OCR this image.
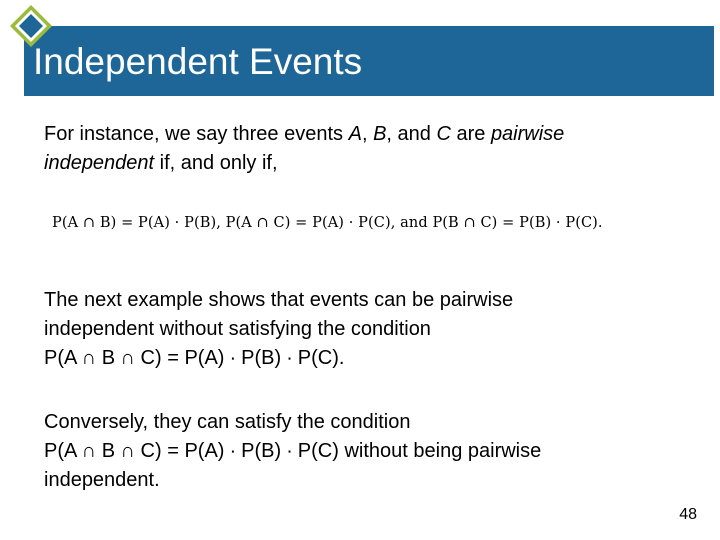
Independent Events
For instance, we say three events A, B, and C are pairwise
independent if, and only if,
P(A ∩ B) = P(A) · P(B), P(A ∩ C) = P(A) · P(C), and P(B ∩ C) = P(B) · P(C).
The next example shows that events can be pairwise
independent without satisfying the condition
P(A ∩ B ∩ C) = P(A) ∙ P(B) ∙ P(C).
Conversely, they can satisfy the condition
P(A ∩ B ∩ C) = P(A) ∙ P(B) ∙ P(C) without being pairwise
independent.
48
